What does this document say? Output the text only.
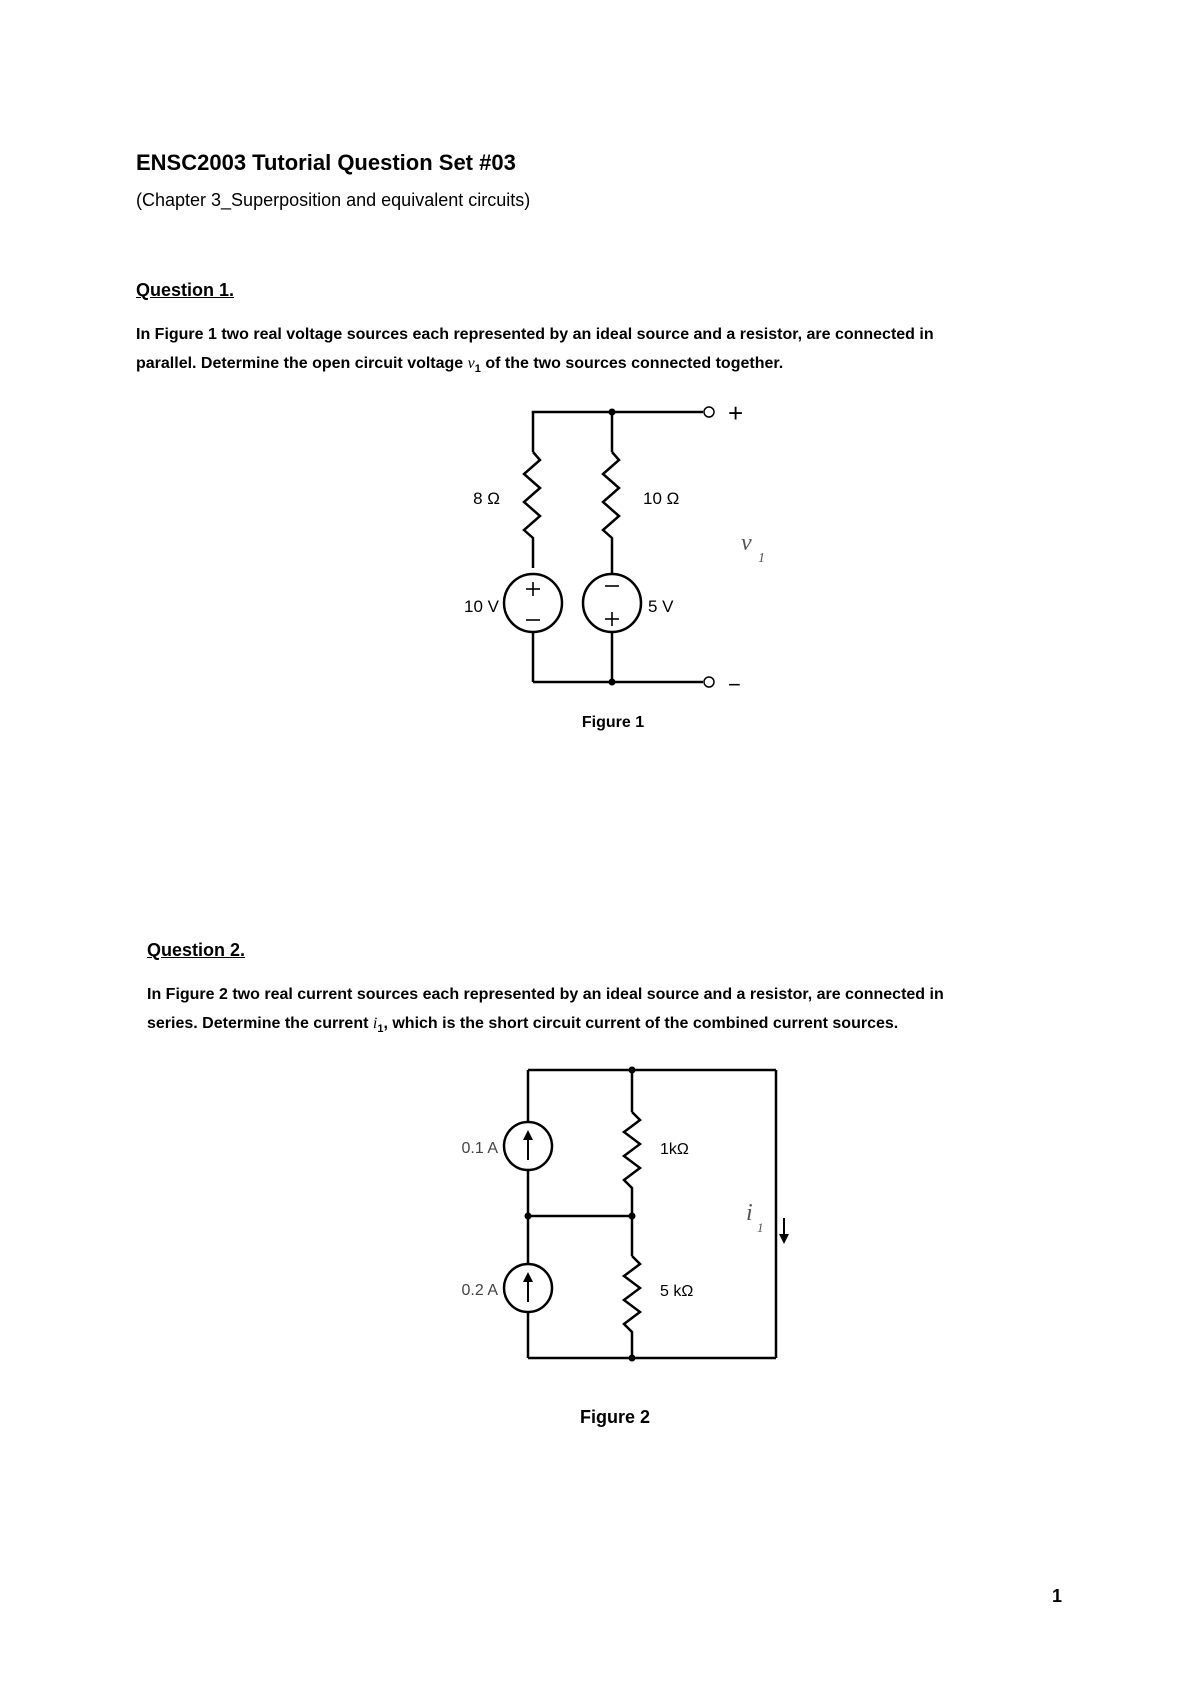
ENSC2003 Tutorial Question Set #03
(Chapter 3_Superposition and equivalent circuits)
Question 1.
In Figure 1 two real voltage sources each represented by an ideal source and a resistor, are connected in
parallel. Determine the open circuit voltage $v_1$ of the two sources connected together.
8 Ω	10 Ω
10 V	5 V
+
−
v
1
Figure 1
Question 2.
In Figure 2 two real current sources each represented by an ideal source and a resistor, are connected in
series. Determine the current $i_1$, which is the short circuit current of the combined current sources.
0.1 A
0.2 A
1kΩ
5 kΩ
i
1
Figure 2
1
